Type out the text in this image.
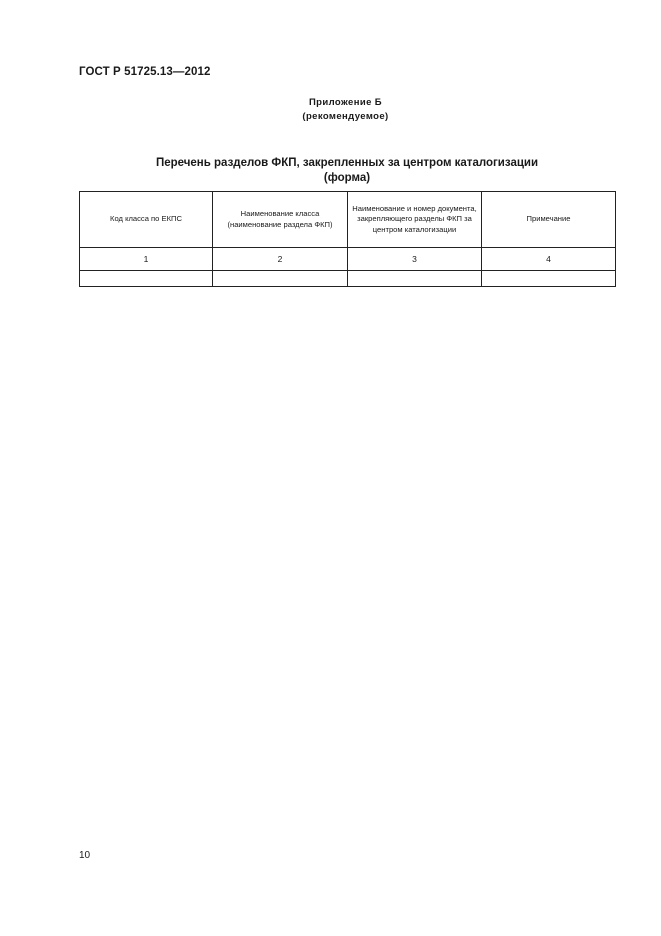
ГОСТ Р 51725.13—2012
Приложение Б
(рекомендуемое)
Перечень разделов ФКП, закрепленных за центром каталогизации
(форма)
Код класса по ЕКПС	Наименование класса (наименование раздела ФКП)	Наименование и номер документа, закрепляющего разделы ФКП за центром каталогизации	Примечание
1	2	3	4

10
